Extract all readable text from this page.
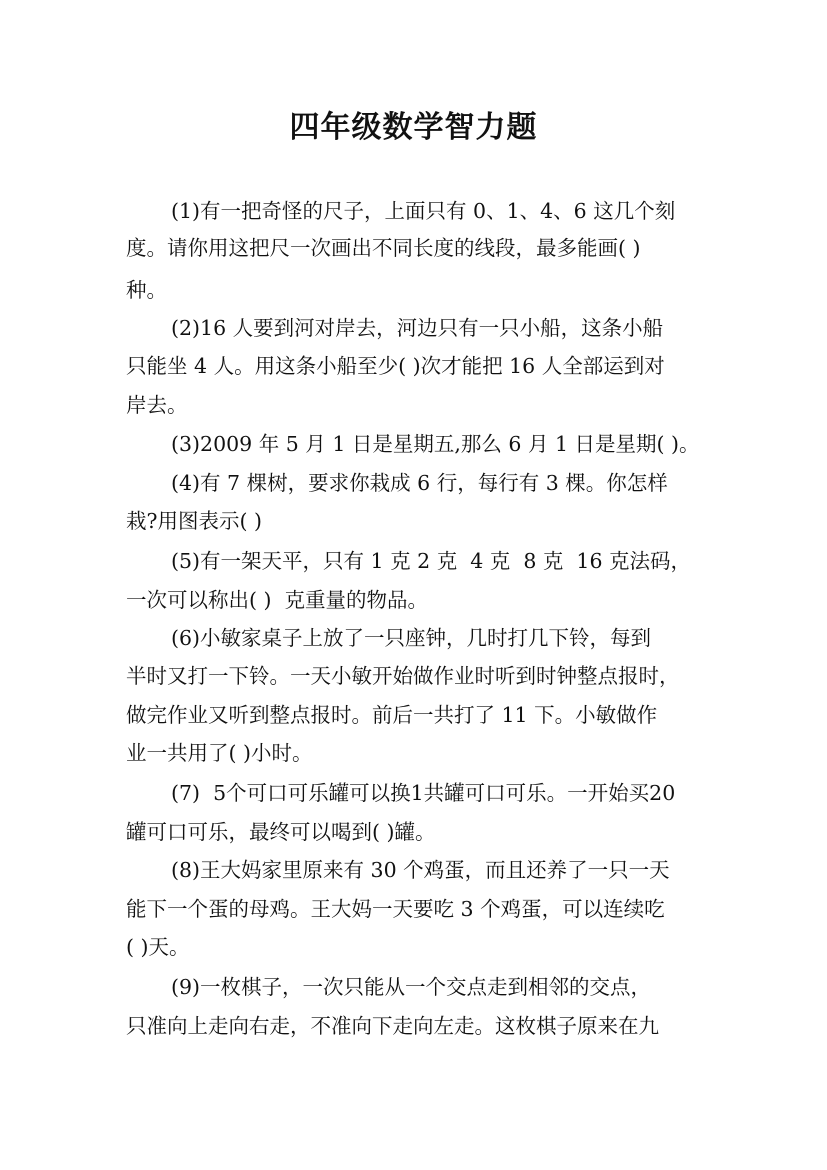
四年级数学智力题

(1)有一把奇怪的尺子，上面只有 0、1、4、6 这几个刻

度。请你用这把尺一次画出不同长度的线段，最多能画( )

种。

(2)16 人要到河对岸去，河边只有一只小船，这条小船

只能坐 4 人。用这条小船至少( )次才能把 16 人全部运到对

岸去。

(3)2009 年 5 月 1 日是星期五,那么 6 月 1 日是星期( )。

(4)有 7 棵树，要求你栽成 6 行，每行有 3 棵。你怎样

栽?用图表示( )

(5)有一架天平，只有 1 克 2 克  4 克  8 克  16 克法码，

一次可以称出( )  克重量的物品。

(6)小敏家桌子上放了一只座钟，几时打几下铃，每到

半时又打一下铃。一天小敏开始做作业时听到时钟整点报时，

做完作业又听到整点报时。前后一共打了 11 下。小敏做作

业一共用了( )小时。

(7)  5个可口可乐罐可以换1共罐可口可乐。一开始买20

罐可口可乐，最终可以喝到( )罐。

(8)王大妈家里原来有 30 个鸡蛋，而且还养了一只一天

能下一个蛋的母鸡。王大妈一天要吃 3 个鸡蛋，可以连续吃

( )天。

(9)一枚棋子，一次只能从一个交点走到相邻的交点，

只准向上走向右走，不准向下走向左走。这枚棋子原来在九
